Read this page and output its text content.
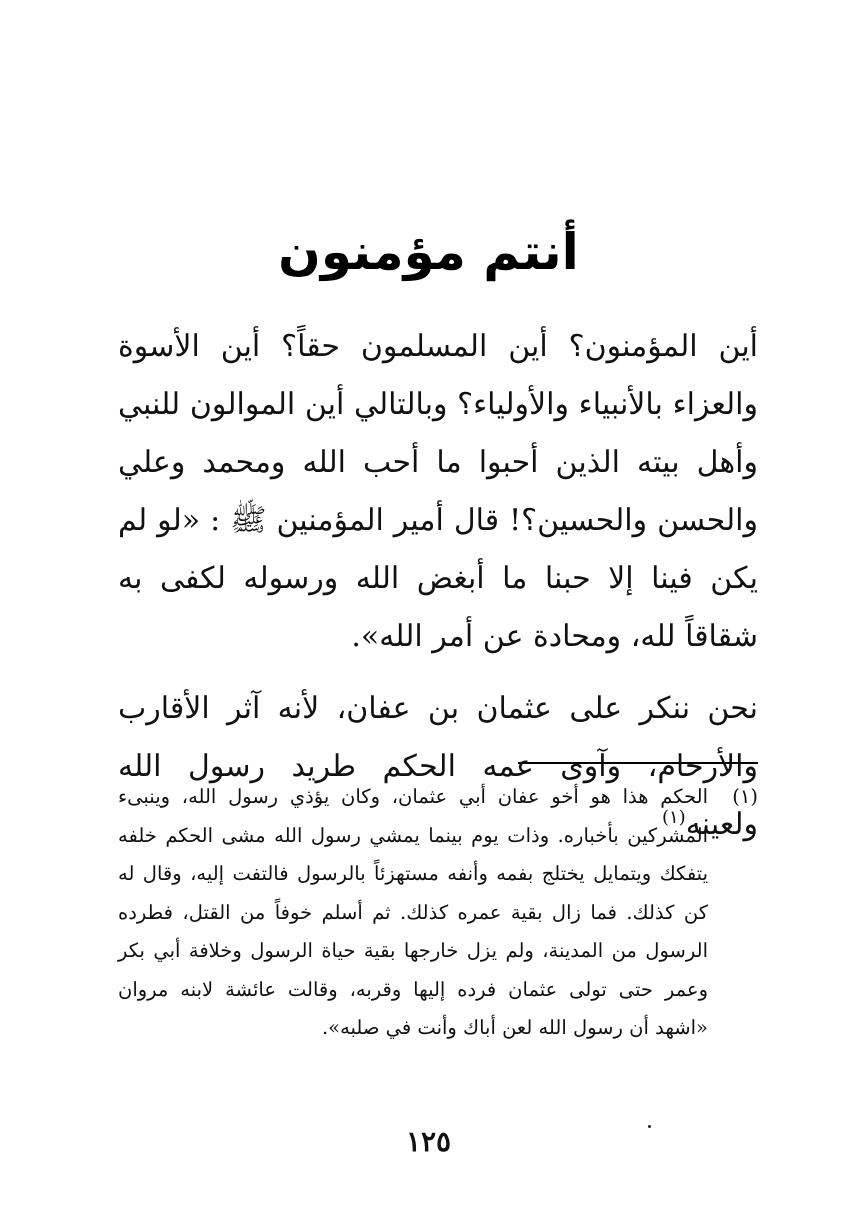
أنتم مؤمنون

أين المؤمنون؟ أين المسلمون حقاً؟ أين الأسوة والعزاء بالأنبياء والأولياء؟ وبالتالي أين الموالون للنبي وأهل بيته الذين أحبوا ما أحب الله ومحمد وعلي والحسن والحسين؟! قال أمير المؤمنين ﷺ : «لو لم يكن فينا إلا حبنا ما أبغض الله ورسوله لكفى به شقاقاً لله، ومحادة عن أمر الله».

نحن ننكر على عثمان بن عفان، لأنه آثر الأقارب والأرحام، وآوى عمه الحكم طريد رسول الله ولعينه$^{(١)}$

(١)
الحكم هذا هو أخو عفان أبي عثمان، وكان يؤذي رسول الله، وينبىء المشركين بأخباره. وذات يوم بينما يمشي رسول الله مشى الحكم خلفه يتفكك ويتمايل يختلج بفمه وأنفه مستهزئاً بالرسول فالتفت إليه، وقال له كن كذلك. فما زال بقية عمره كذلك. ثم أسلم خوفاً من القتل، فطرده الرسول من المدينة، ولم يزل خارجها بقية حياة الرسول وخلافة أبي بكر وعمر حتى تولى عثمان فرده إليها وقربه، وقالت عائشة لابنه مروان «اشهد أن رسول الله لعن أباك وأنت في صلبه».
١٢٥
